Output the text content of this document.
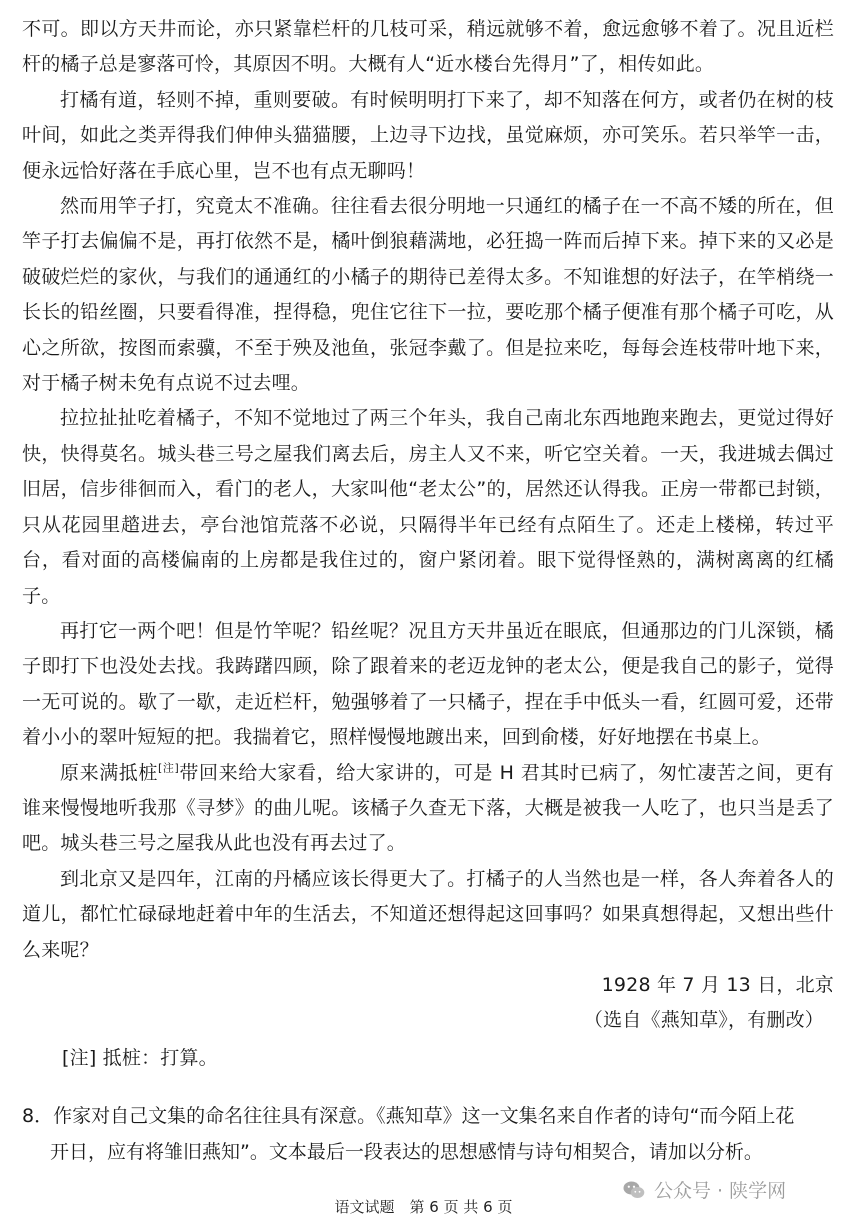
不可。即以方天井而论，亦只紧靠栏杆的几枝可采，稍远就够不着，愈远愈够不着了。况且近栏杆的橘子总是寥落可怜，其原因不明。大概有人“近水楼台先得月”了，相传如此。

打橘有道，轻则不掉，重则要破。有时候明明打下来了，却不知落在何方，或者仍在树的枝叶间，如此之类弄得我们伸伸头猫猫腰，上边寻下边找，虽觉麻烦，亦可笑乐。若只举竿一击，便永远恰好落在手底心里，岂不也有点无聊吗！

然而用竿子打，究竟太不准确。往往看去很分明地一只通红的橘子在一不高不矮的所在，但竿子打去偏偏不是，再打依然不是，橘叶倒狼藉满地，必狂捣一阵而后掉下来。掉下来的又必是破破烂烂的家伙，与我们的通通红的小橘子的期待已差得太多。不知谁想的好法子，在竿梢绕一长长的铅丝圈，只要看得准，捏得稳，兜住它往下一拉，要吃那个橘子便准有那个橘子可吃，从心之所欲，按图而索骥，不至于殃及池鱼，张冠李戴了。但是拉来吃，每每会连枝带叶地下来，对于橘子树未免有点说不过去哩。

拉拉扯扯吃着橘子，不知不觉地过了两三个年头，我自己南北东西地跑来跑去，更觉过得好快，快得莫名。城头巷三号之屋我们离去后，房主人又不来，听它空关着。一天，我进城去偶过旧居，信步徘徊而入，看门的老人，大家叫他“老太公”的，居然还认得我。正房一带都已封锁，只从花园里趦进去，亭台池馆荒落不必说，只隔得半年已经有点陌生了。还走上楼梯，转过平台，看对面的高楼偏南的上房都是我住过的，窗户紧闭着。眼下觉得怪熟的，满树离离的红橘子。

再打它一两个吧！但是竹竿呢？铅丝呢？况且方天井虽近在眼底，但通那边的门儿深锁，橘子即打下也没处去找。我踌躇四顾，除了跟着来的老迈龙钟的老太公，便是我自己的影子，觉得一无可说的。歇了一歇，走近栏杆，勉强够着了一只橘子，捏在手中低头一看，红圆可爱，还带着小小的翠叶短短的把。我揣着它，照样慢慢地踱出来，回到俞楼，好好地摆在书桌上。

原来满抵桩[注]带回来给大家看，给大家讲的，可是 H 君其时已病了，匆忙凄苦之间，更有谁来慢慢地听我那《寻梦》的曲儿呢。该橘子久查无下落，大概是被我一人吃了，也只当是丢了吧。城头巷三号之屋我从此也没有再去过了。

到北京又是四年，江南的丹橘应该长得更大了。打橘子的人当然也是一样，各人奔着各人的道儿，都忙忙碌碌地赶着中年的生活去，不知道还想得起这回事吗？如果真想得起，又想出些什么来呢？

1928 年 7 月 13 日，北京

（选自《燕知草》，有删改）

[注] 抵桩：打算。

8．作家对自己文集的命名往往具有深意。《燕知草》这一文集名来自作者的诗句“而今陌上花
开日，应有将雏旧燕知”。文本最后一段表达的思想感情与诗句相契合，请加以分析。
公众号 · 陕学网
语文试题　第 6 页 共 6 页
